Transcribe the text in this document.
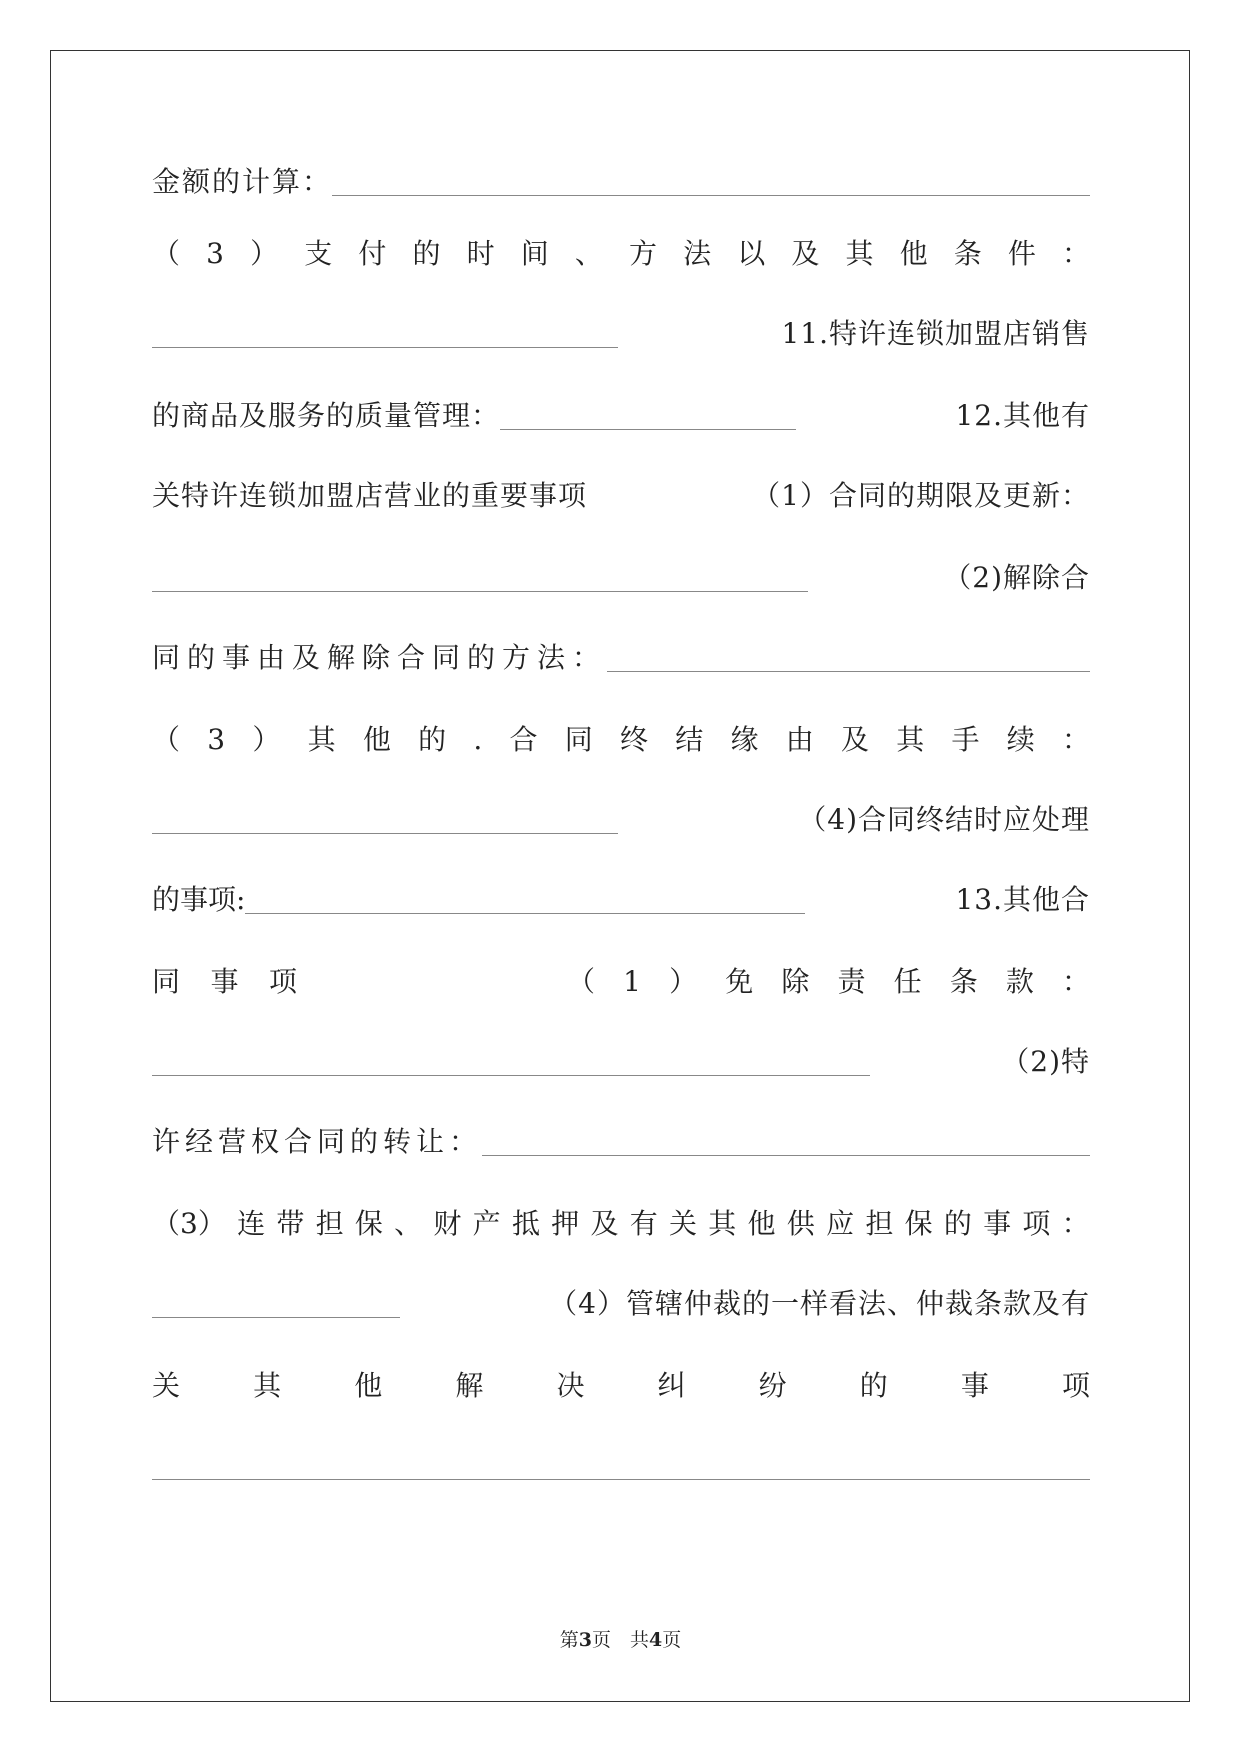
金额的计算：
（ 3 ） 支 付 的 时 间 、 方 法 以 及 其 他 条 件 ：
11.特许连锁加盟店销售
的商品及服务的质量管理：	12.其他有
关特许连锁加盟店营业的重要事项	（1）合同的期限及更新：
（2)解除合
同的事由及解除合同的方法：
（ 3 ） 其 他 的 . 合 同 终 结 缘 由 及 其 手 续 ：
（4)合同终结时应处理
的事项:	13.其他合
同 事 项	（ 1 ） 免 除 责 任 条 款 ：
（2)特
许经营权合同的转让：
（3） 连 带 担 保 、 财 产 抵 押 及 有 关 其 他 供 应 担 保 的 事 项 ：
（4）管辖仲裁的一样看法、仲裁条款及有
关	其	他	解	决	纠	纷	的	事	项
第3页　共4页
